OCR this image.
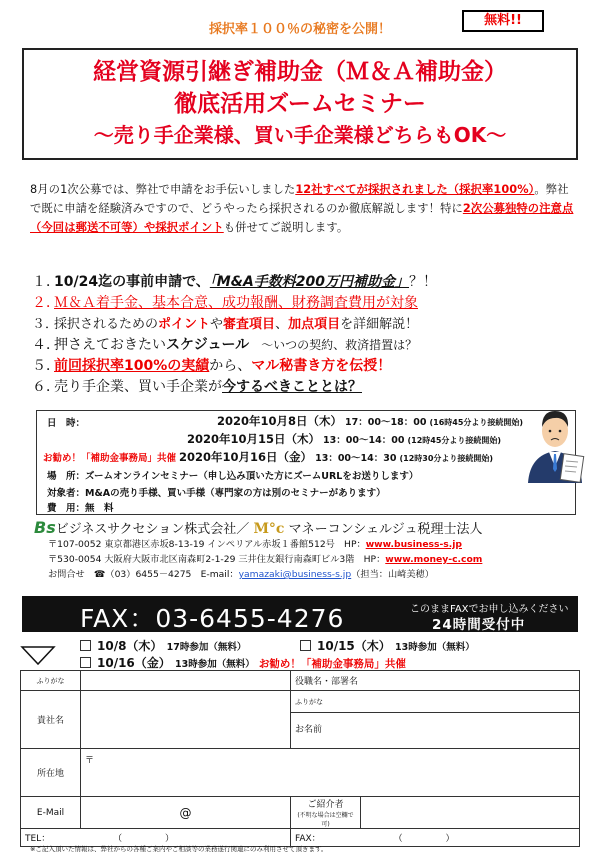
採択率１００％の秘密を公開！
無料!!
経営資源引継ぎ補助金（Ｍ＆Ａ補助金）
徹底活用ズームセミナー
～売り手企業様、買い手企業様どちらもOK～
8月の1次公募では、弊社で申請をお手伝いしました12社すべてが採択されました（採択率100%）。弊社で既に申請を経験済みですので、どうやったら採択されるのか徹底解説します！特に2次公募独特の注意点（今回は郵送不可等）や採択ポイントも併せてご説明します。
１．10/24迄の事前申請で、「M&A手数料200万円補助金」？！
２．Ｍ＆Ａ着手金、基本合意、成功報酬、財務調査費用が対象
３．採択されるためのポイントや審査項目、加点項目を詳細解説！
４．押さえておきたいスケジュール　～いつの契約、救済措置は？
５．前回採択率100%の実績から、マル秘書き方を伝授！
６．売り手企業、買い手企業が今するべきこととは？
日　時：	2020年10月8日（木） 17：00～18：00 (16時45分より接続開始)
2020年10月15日（木） 13：00～14：00 (12時45分より接続開始)
お勧め！「補助金事務局」共催 2020年10月16日（金） 13：00～14：30 (12時30分より接続開始)
場　所：ズームオンラインセミナー（申し込み頂いた方にズームURLをお送りします）
対象者：M&Aの売り手様、買い手様（専門家の方は別のセミナーがあります）
費　用：無　料
Bsビジネスサクセション株式会社／ M°c マネーコンシェルジュ税理士法人
〒107-0052 東京都港区赤坂8-13-19 インペリアル赤坂１番館512号　HP：www.business-s.jp
〒530-0054 大阪府大阪市北区南森町2-1-29 三井住友銀行南森町ビル3階　HP：www.money-c.com
お問合せ　☎（03）6455－4275　E-mail：yamazaki@business-s.jp（担当：山崎美穂）
FAX：03-6455-4276	このままFAXでお申し込みください
24時間受付中
10/8（木） 17時参加（無料）	10/15（木） 13時参加（無料）
10/16（金） 13時参加（無料） お勧め！「補助金事務局」共催
ふりがな		役職名・部署名	
貴社名		ふりがな
お名前	

所在地	〒		
E-Mail	@	ご紹介者
(不明な場合は空欄で可)	

TEL： （ ）		FAX： （ ）	
※ご記入頂いた情報は、弊社からの各種ご案内やご相談等の業務遂行関連にのみ利用させて頂きます。
